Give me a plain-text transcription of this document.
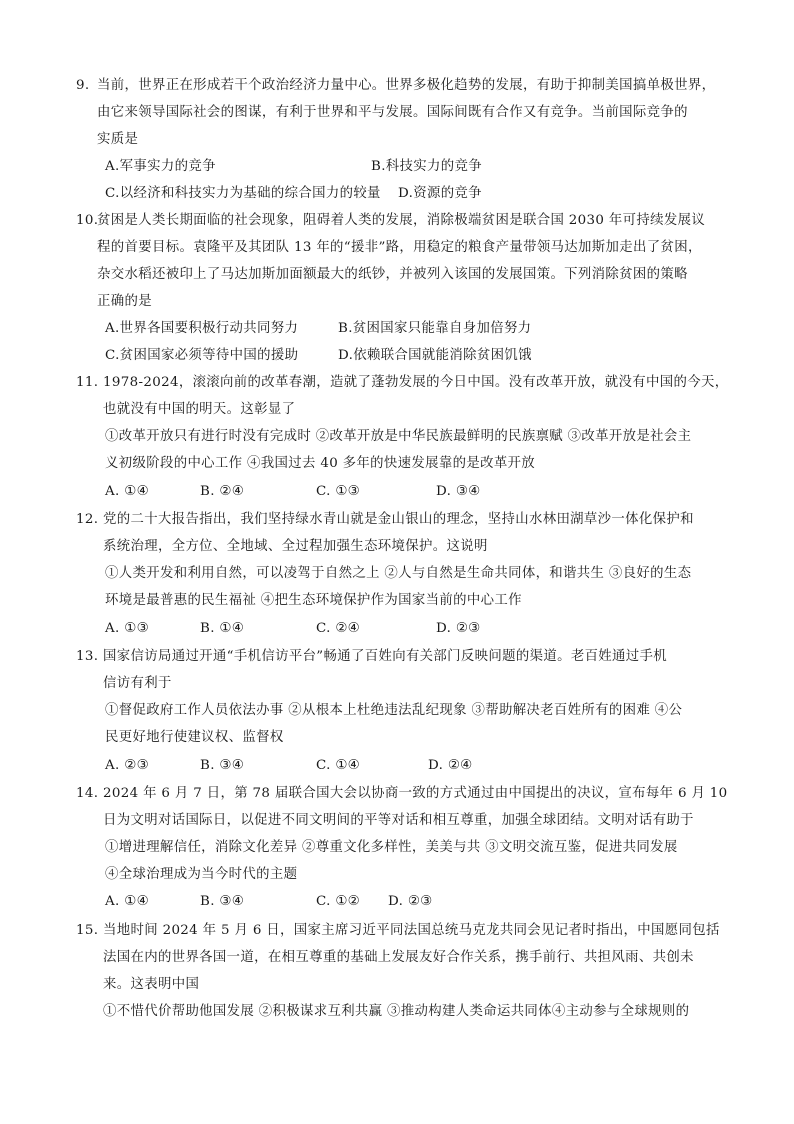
9. 当前，世界正在形成若干个政治经济力量中心。世界多极化趋势的发展，有助于抑制美国搞单极世界，
由它来领导国际社会的图谋，有利于世界和平与发展。国际间既有合作又有竞争。当前国际竞争的
实质是
A.军事实力的竞争	B.科技实力的竞争
C.以经济和科技实力为基础的综合国力的较量 D.资源的竞争
10.
贫困是人类长期面临的社会现象，阻碍着人类的发展，消除极端贫困是联合国 2030 年可持续发展议
程的首要目标。袁隆平及其团队 13 年的“援非”路，用稳定的粮食产量带领马达加斯加走出了贫困，
杂交水稻还被印上了马达加斯加面额最大的纸钞，并被列入该国的发展国策。下列消除贫困的策略
正确的是
A.世界各国要积极行动共同努力	B.贫困国家只能靠自身加倍努力
C.贫困国家必须等待中国的援助	D.依赖联合国就能消除贫困饥饿
11. 1978-2024，滚滚向前的改革春潮，造就了蓬勃发展的今日中国。没有改革开放，就没有中国的今天，
也就没有中国的明天。这彰显了
①改革开放只有进行时没有完成时 ②改革开放是中华民族最鲜明的民族禀赋 ③改革开放是社会主
义初级阶段的中心工作 ④我国过去 40 多年的快速发展靠的是改革开放
A. ①④	B. ②④	C. ①③	D. ③④
12. 党的二十大报告指出，我们坚持绿水青山就是金山银山的理念，坚持山水林田湖草沙一体化保护和
系统治理，全方位、全地域、全过程加强生态环境保护。这说明
①人类开发和利用自然，可以凌驾于自然之上 ②人与自然是生命共同体，和谐共生 ③良好的生态
环境是最普惠的民生福祉 ④把生态环境保护作为国家当前的中心工作
A. ①③	B. ①④	C. ②④	D. ②③
13. 国家信访局通过开通“手机信访平台”畅通了百姓向有关部门反映问题的渠道。老百姓通过手机
信访有利于
①督促政府工作人员依法办事 ②从根本上杜绝违法乱纪现象 ③帮助解决老百姓所有的困难 ④公
民更好地行使建议权、监督权
A. ②③	B. ③④	C. ①④	D. ②④
14. 2024 年 6 月 7 日，第 78 届联合国大会以协商一致的方式通过由中国提出的决议，宣布每年 6 月 10
日为文明对话国际日，以促进不同文明间的平等对话和相互尊重，加强全球团结。文明对话有助于
①增进理解信任，消除文化差异 ②尊重文化多样性，美美与共 ③文明交流互鉴，促进共同发展
④全球治理成为当今时代的主题
A. ①④	B. ③④	C. ①② D. ②③
15. 当地时间 2024 年 5 月 6 日，国家主席习近平同法国总统马克龙共同会见记者时指出，中国愿同包括
法国在内的世界各国一道，在相互尊重的基础上发展友好合作关系，携手前行、共担风雨、共创未
来。这表明中国
①不惜代价帮助他国发展 ②积极谋求互利共赢 ③推动构建人类命运共同体④主动参与全球规则的
